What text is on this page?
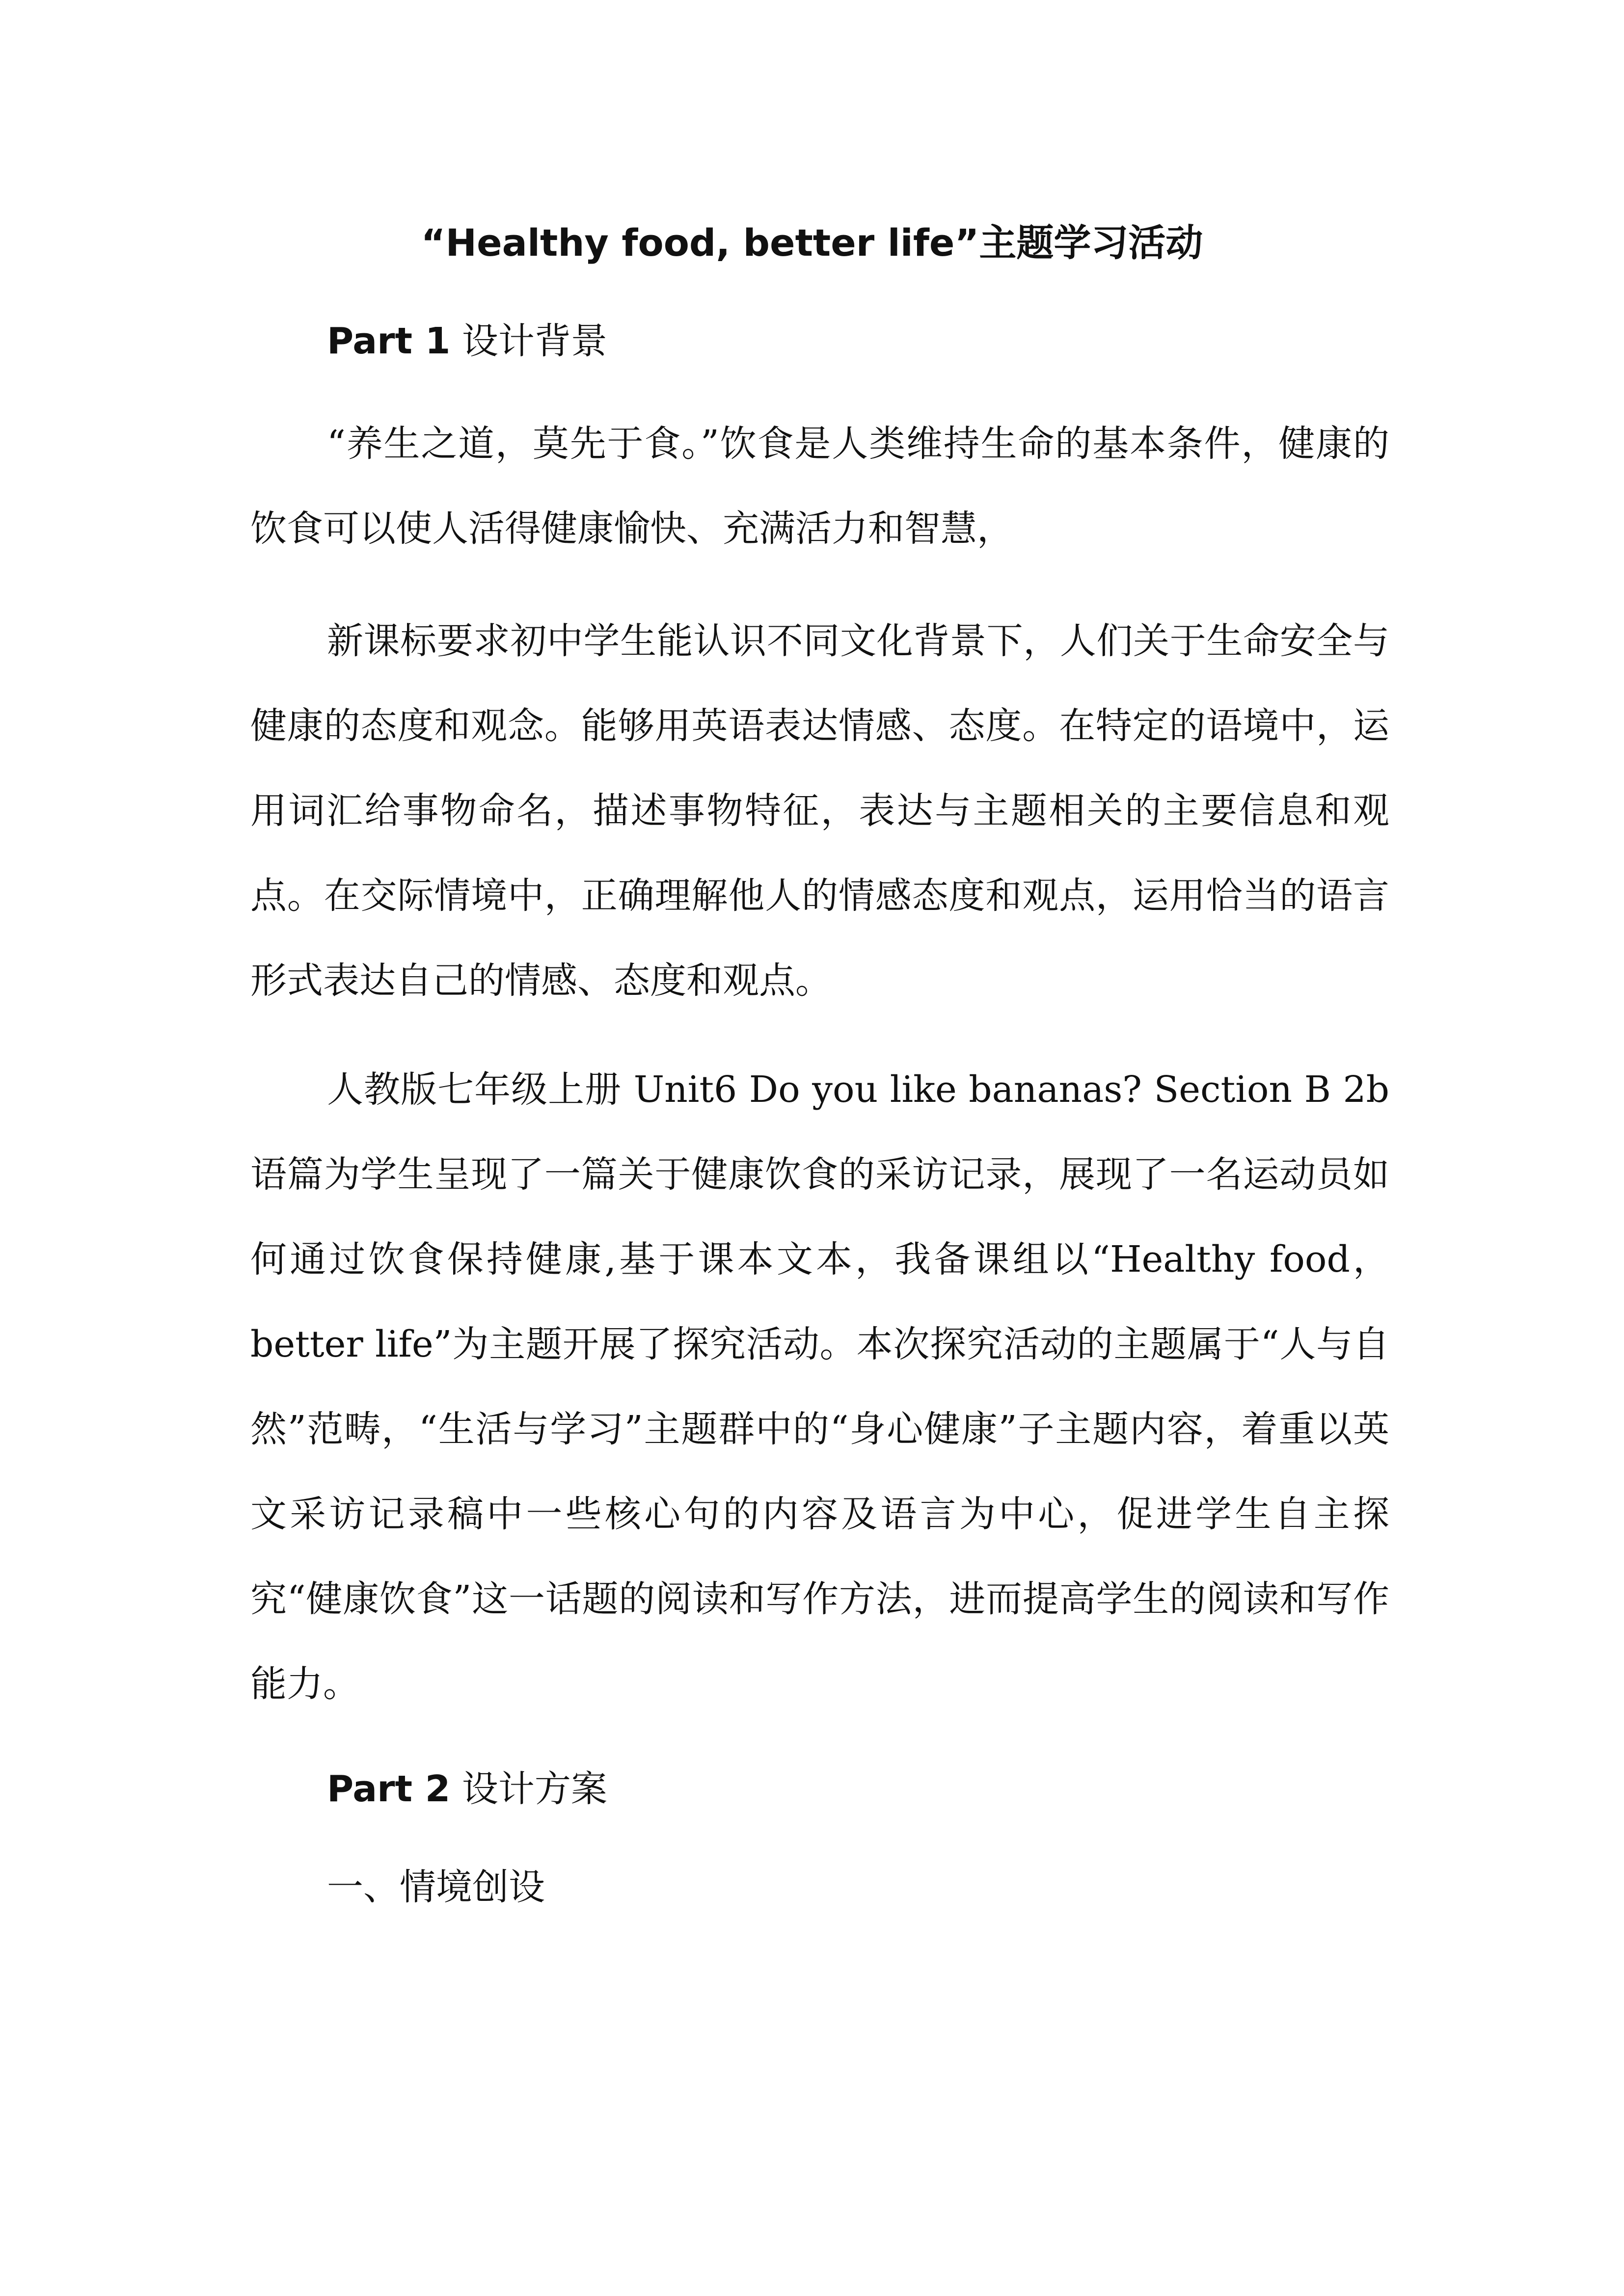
“Healthy food, better life”主题学习活动
Part 1 设计背景

“养生之道，莫先于食。”饮食是人类维持生命的基本条件，健康的饮食可以使人活得健康愉快、充满活力和智慧，

新课标要求初中学生能认识不同文化背景下，人们关于生命安全与健康的态度和观念。能够用英语表达情感、态度。在特定的语境中，运用词汇给事物命名，描述事物特征，表达与主题相关的主要信息和观点。在交际情境中，正确理解他人的情感态度和观点，运用恰当的语言形式表达自己的情感、态度和观点。

人教版七年级上册 Unit6 Do you like bananas? Section B 2b 语篇为学生呈现了一篇关于健康饮食的采访记录，展现了一名运动员如何通过饮食保持健康,基于课本文本，我备课组以“Healthy food，better life”为主题开展了探究活动。本次探究活动的主题属于“人与自然”范畴，“生活与学习”主题群中的“身心健康”子主题内容，着重以英文采访记录稿中一些核心句的内容及语言为中心，促进学生自主探究“健康饮食”这一话题的阅读和写作方法，进而提高学生的阅读和写作能力。

Part 2 设计方案
一、情境创设
